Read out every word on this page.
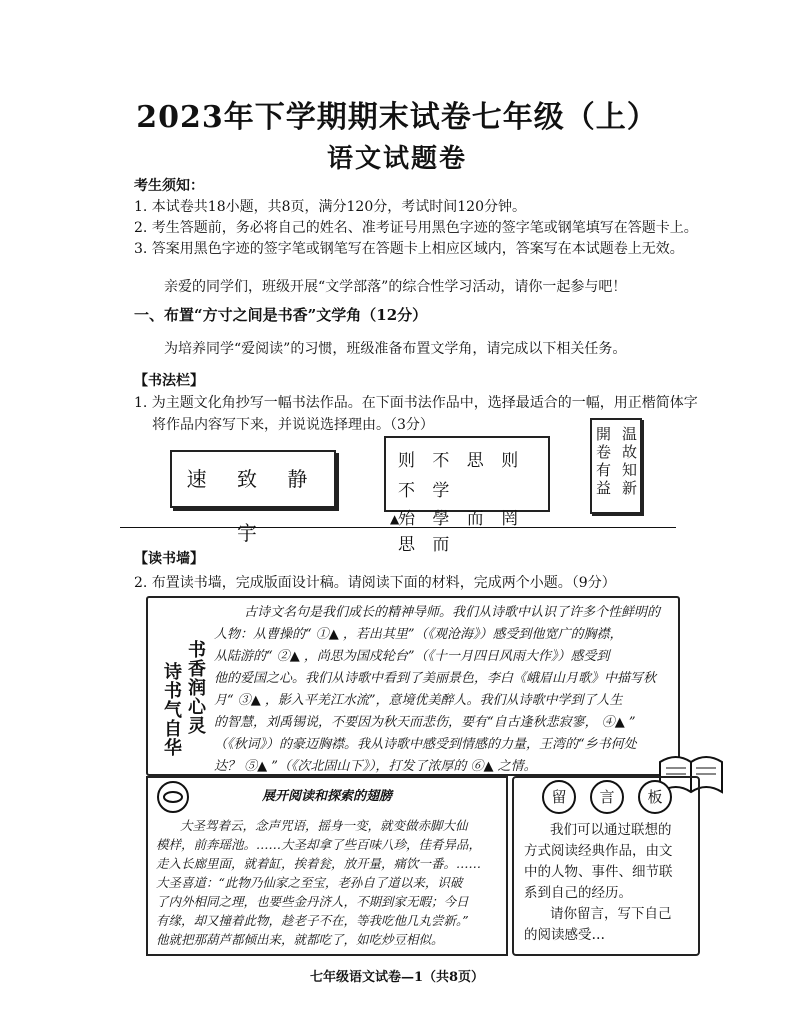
2023年下学期期末试卷七年级（上）
语文试题卷
考生须知：
1. 本试卷共18小题，共8页，满分120分，考试时间120分钟。
2. 考生答题前，务必将自己的姓名、准考证号用黑色字迹的签字笔或钢笔填写在答题卡上。
3. 答案用黑色字迹的签字笔或钢笔写在答题卡上相应区域内，答案写在本试题卷上无效。
亲爱的同学们，班级开展“文学部落”的综合性学习活动，请你一起参与吧！
一、布置“方寸之间是书香”文学角（12分）
为培养同学“爱阅读”的习惯，班级准备布置文学角，请完成以下相关任务。
【书法栏】
1. 为主题文化角抄写一幅书法作品。在下面书法作品中，选择最适合的一幅，用正楷简体字
将作品内容写下来，并说说选择理由。（3分）
速 致 静 宇
则 不 思 则 不 学
殆 學 而 罔 思 而
温故知新
開卷有益
▲
【读书墙】
2. 布置读书墙，完成版面设计稿。请阅读下面的材料，完成两个小题。（9分）
书香润心灵
诗书气自华
古诗文名句是我们成长的精神导师。我们从诗歌中认识了许多个性鲜明的
人物：从曹操的“ ①▲ ，若出其里”（《观沧海》）感受到他宽广的胸襟，
从陆游的“ ②▲ ，尚思为国戍轮台”（《十一月四日风雨大作》）感受到
他的爱国之心。我们从诗歌中看到了美丽景色，李白《峨眉山月歌》中描写秋
月“ ③▲ ，影入平羌江水流”，意境优美醉人。我们从诗歌中学到了人生
的智慧，刘禹锡说，不要因为秋天而悲伤，要有“自古逢秋悲寂寥， ④▲ ”
（《秋词》）的豪迈胸襟。我从诗歌中感受到情感的力量，王湾的“乡书何处
达？ ⑤▲ ”（《次北固山下》），打发了浓厚的 ⑥▲ 之情。
展开阅读和探索的翅膀
大圣驾着云，念声咒语，摇身一变，就变做赤脚大仙
模样，前奔瑶池。……大圣却拿了些百味八珍，佳肴异品，
走入长廊里面，就着缸，挨着瓮，放开量，痛饮一番。……
大圣喜道：“此物乃仙家之至宝，老孙自了道以来，识破
了内外相同之理，也要些金丹济人，不期到家无暇；今日
有缘，却又撞着此物，趁老子不在，等我吃他几丸尝新。”
他就把那葫芦都倾出来，就都吃了，如吃炒豆相似。
留	言	板
我们可以通过联想的
方式阅读经典作品，由文
中的人物、事件、细节联
系到自己的经历。
请你留言，写下自己
的阅读感受…
七年级语文试卷—1（共8页）
